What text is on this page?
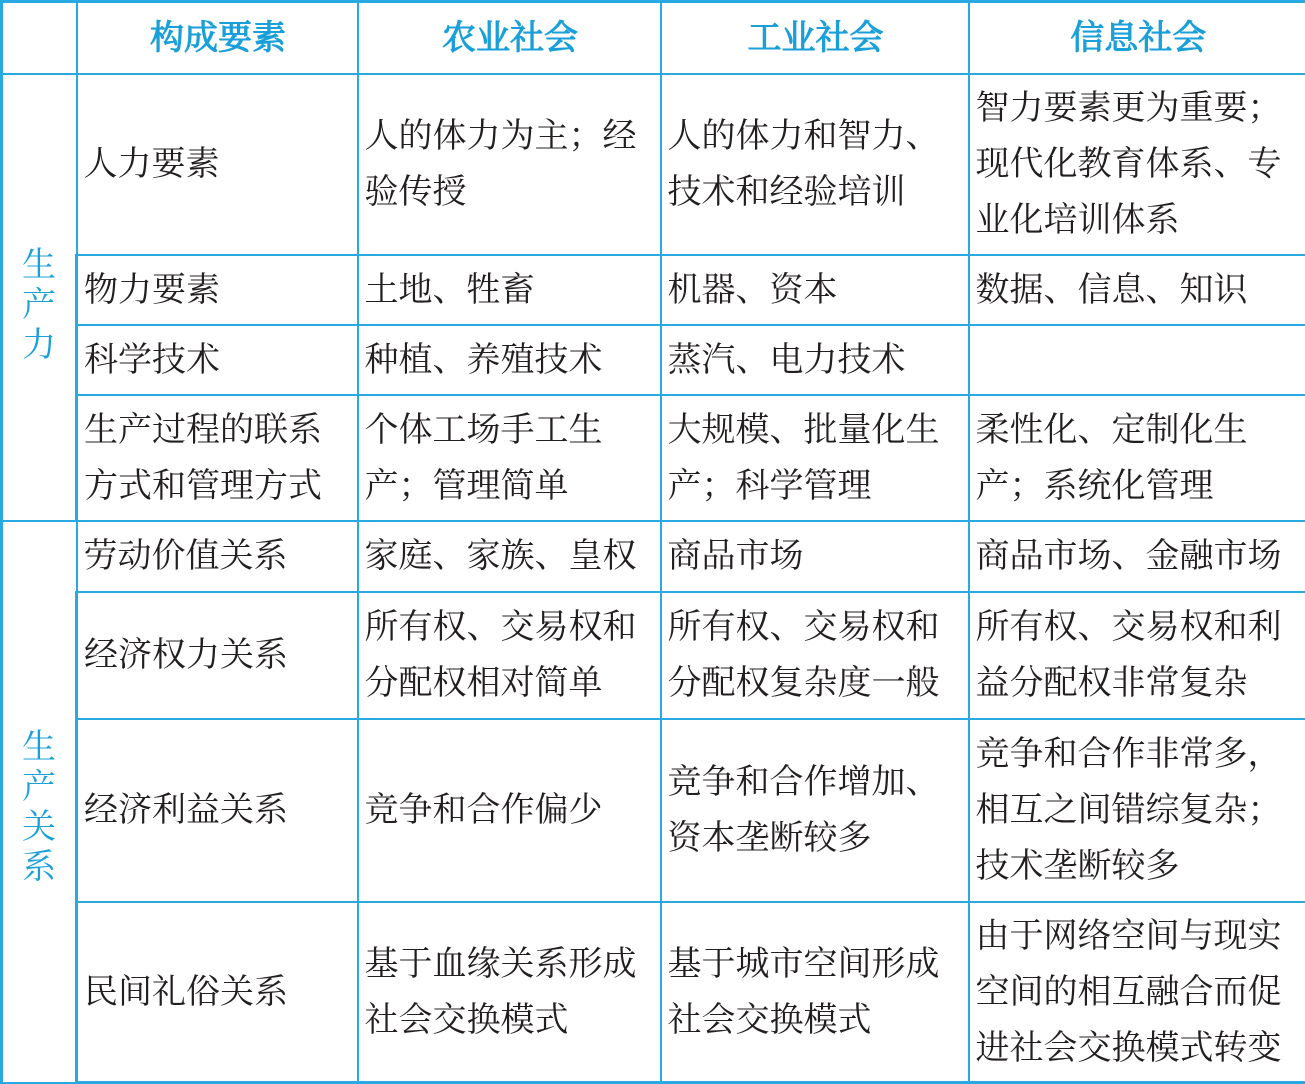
	构成要素	农业社会	工业社会	信息社会
生产力	人力要素	人的体力为主；经验传授	人的体力和智力、技术和经验培训	智力要素更为重要；现代化教育体系、专业化培训体系
	物力要素	土地、牲畜	机器、资本	数据、信息、知识
	科学技术	种植、养殖技术	蒸汽、电力技术	
	生产过程的联系方式和管理方式	个体工场手工生产；管理简单	大规模、批量化生产；科学管理	柔性化、定制化生产；系统化管理
生产关系	劳动价值关系	家庭、家族、皇权	商品市场	商品市场、金融市场
	经济权力关系	所有权、交易权和分配权相对简单	所有权、交易权和分配权复杂度一般	所有权、交易权和利益分配权非常复杂
	经济利益关系	竞争和合作偏少	竞争和合作增加、资本垄断较多	竞争和合作非常多，相互之间错综复杂；技术垄断较多
	民间礼俗关系	基于血缘关系形成社会交换模式	基于城市空间形成社会交换模式	由于网络空间与现实空间的相互融合而促进社会交换模式转变
